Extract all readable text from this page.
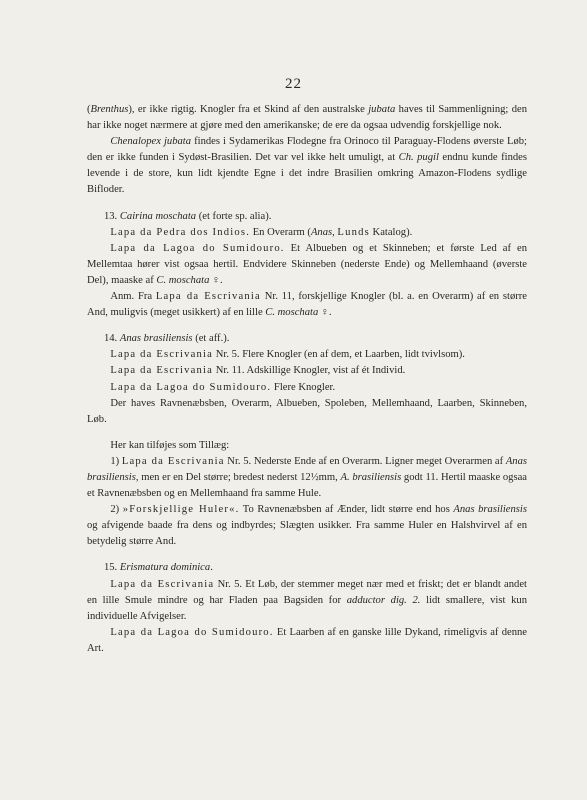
22

(Brenthus), er ikke rigtig. Knogler fra et Skind af den australske jubata haves til Sammenligning; den har ikke noget nærmere at gjøre med den amerikanske; de ere da ogsaa udvendig forskjellige nok.

Chenalopex jubata findes i Sydamerikas Flodegne fra Orinoco til Paraguay-Flodens øverste Løb; den er ikke funden i Sydøst-Brasilien. Det var vel ikke helt umuligt, at Ch. pugil endnu kunde findes levende i de store, kun lidt kjendte Egne i det indre Brasilien omkring Amazon-Flodens sydlige Bifloder.

13. Cairina moschata (et forte sp. alia).

Lapa da Pedra dos Indios. En Overarm (Anas, Lunds Katalog).

Lapa da Lagoa do Sumidouro. Et Albueben og et Skinneben; et første Led af en Mellemtaa hører vist ogsaa hertil. Endvidere Skinneben (nederste Ende) og Mellemhaand (øverste Del), maaske af C. moschata ♀.

Anm. Fra Lapa da Escrivania Nr. 11, forskjellige Knogler (bl. a. en Overarm) af en større And, muligvis (meget usikkert) af en lille C. moschata ♀.

14. Anas brasiliensis (et aff.).

Lapa da Escrivania Nr. 5. Flere Knogler (en af dem, et Laarben, lidt tvivlsom).

Lapa da Escrivania Nr. 11. Adskillige Knogler, vist af ét Individ.

Lapa da Lagoa do Sumidouro. Flere Knogler.

Der haves Ravnenæbsben, Overarm, Albueben, Spoleben, Mellemhaand, Laarben, Skinneben, Løb.

Her kan tilføjes som Tillæg:

1) Lapa da Escrivania Nr. 5. Nederste Ende af en Overarm. Ligner meget Overarmen af Anas brasiliensis, men er en Del større; bredest nederst 12½mm, A. brasiliensis godt 11. Hertil maaske ogsaa et Ravnenæbsben og en Mellemhaand fra samme Hule.

2) »Forskjellige Huler«. To Ravnenæbsben af Ænder, lidt større end hos Anas brasiliensis og afvigende baade fra dens og indbyrdes; Slægten usikker. Fra samme Huler en Halshvirvel af en betydelig større And.

15. Erismatura dominica.

Lapa da Escrivania Nr. 5. Et Løb, der stemmer meget nær med et friskt; det er blandt andet en lille Smule mindre og har Fladen paa Bagsiden for adductor dig. 2. lidt smallere, vist kun individuelle Afvigelser.

Lapa da Lagoa do Sumidouro. Et Laarben af en ganske lille Dykand, rimeligvis af denne Art.
